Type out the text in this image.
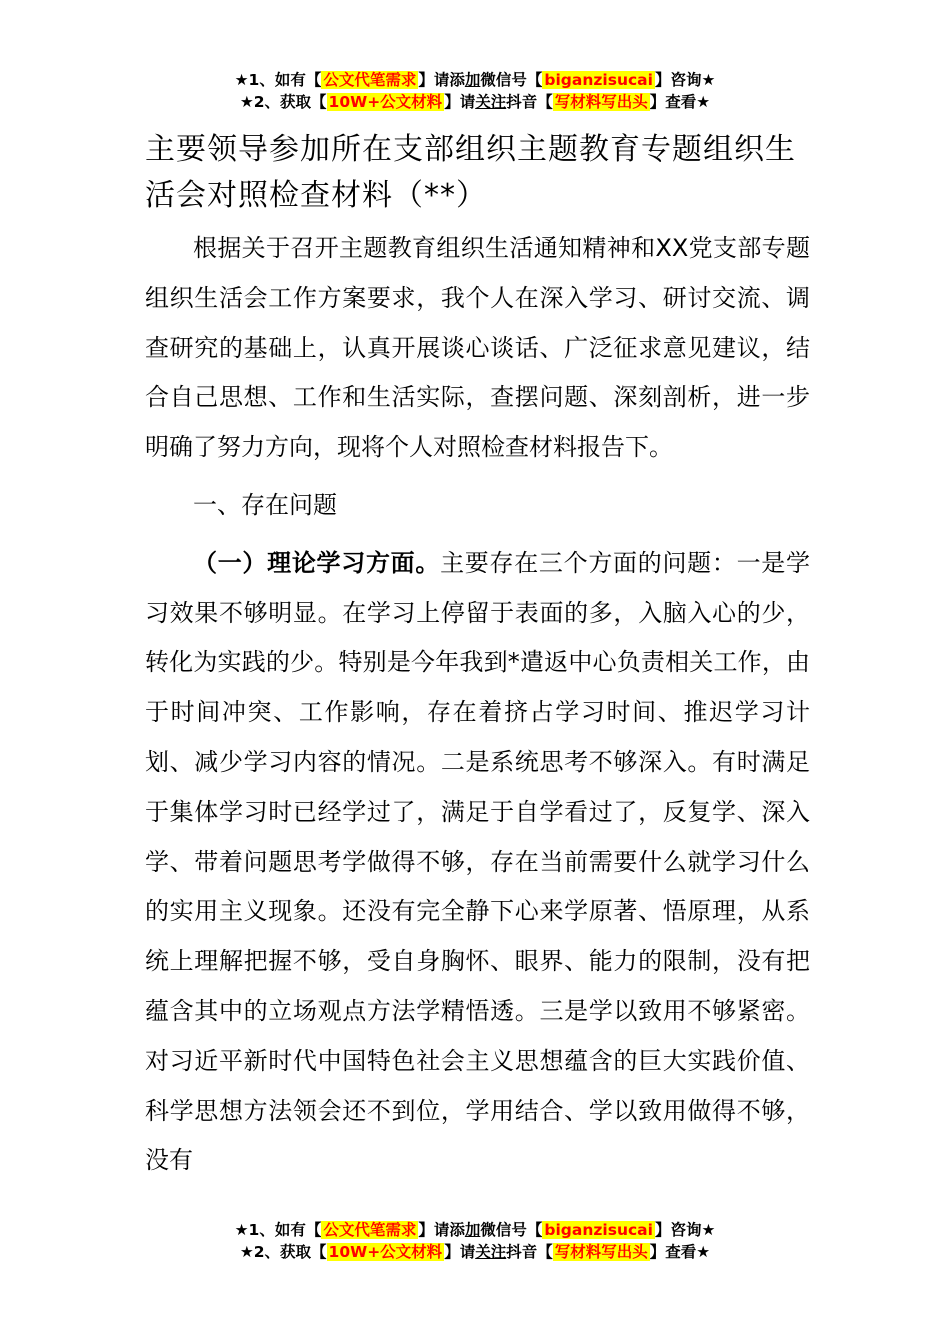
★1、如有【 公文代笔需求 】请添加微信号【 biganzisucai 】咨询★
★2、获取【 10W+公文材料 】请关注抖音【 写材料写出头 】查看★
主要领导参加所在支部组织主题教育专题组织生活会对照检查材料（**）

根据关于召开主题教育组织生活通知精神和XX党支部专题组织生活会工作方案要求，我个人在深入学习、研讨交流、调查研究的基础上，认真开展谈心谈话、广泛征求意见建议，结合自己思想、工作和生活实际，查摆问题、深刻剖析，进一步明确了努力方向，现将个人对照检查材料报告下。

一、存在问题

（一）理论学习方面。主要存在三个方面的问题：一是学习效果不够明显。在学习上停留于表面的多，入脑入心的少，转化为实践的少。特别是今年我到*遣返中心负责相关工作，由于时间冲突、工作影响，存在着挤占学习时间、推迟学习计划、减少学习内容的情况。二是系统思考不够深入。有时满足于集体学习时已经学过了，满足于自学看过了，反复学、深入学、带着问题思考学做得不够，存在当前需要什么就学习什么的实用主义现象。还没有完全静下心来学原著、悟原理，从系统上理解把握不够，受自身胸怀、眼界、能力的限制，没有把蕴含其中的立场观点方法学精悟透。三是学以致用不够紧密。对习近平新时代中国特色社会主义思想蕴含的巨大实践价值、科学思想方法领会还不到位，学用结合、学以致用做得不够，没有

★1、如有【 公文代笔需求 】请添加微信号【 biganzisucai 】咨询★
★2、获取【 10W+公文材料 】请关注抖音【 写材料写出头 】查看★
